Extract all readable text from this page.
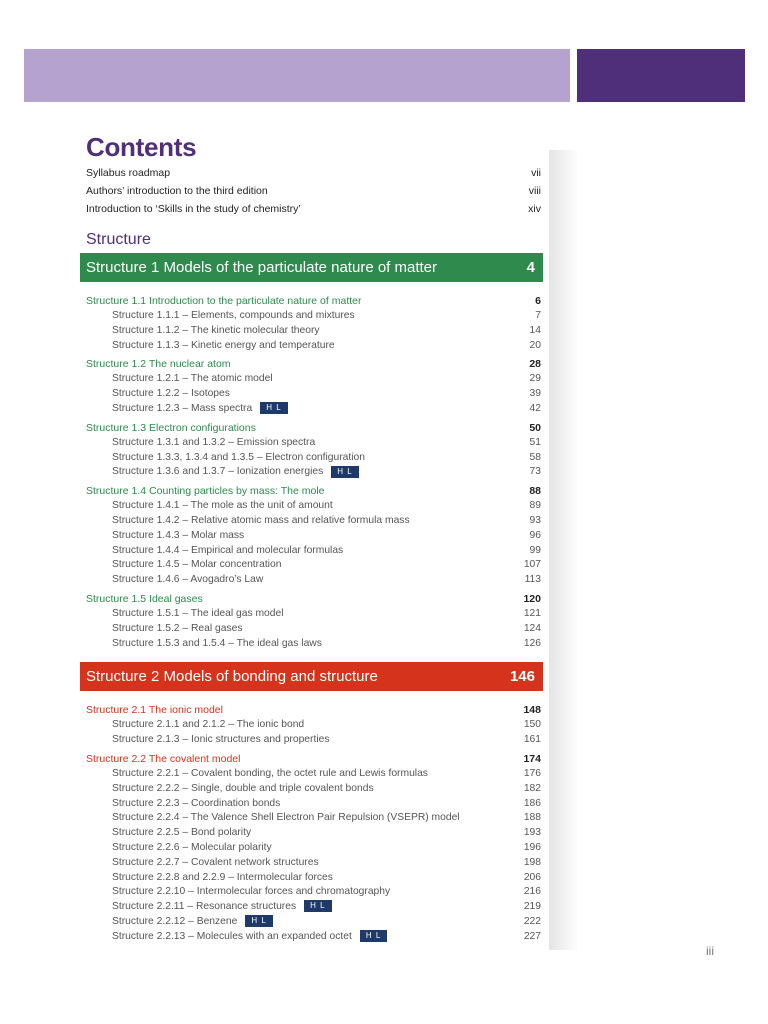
Contents
Syllabus roadmap	vii
Authors’ introduction to the third edition	viii
Introduction to ‘Skills in the study of chemistry’	xiv
Structure
Structure 1 Models of the particulate nature of matter	4
Structure 1.1 Introduction to the particulate nature of matter	6
Structure 1.1.1 – Elements, compounds and mixtures	7
Structure 1.1.2 – The kinetic molecular theory	14
Structure 1.1.3 – Kinetic energy and temperature	20
Structure 1.2 The nuclear atom	28
Structure 1.2.1 – The atomic model	29
Structure 1.2.2 – Isotopes	39
Structure 1.2.3 – Mass spectra H L	42
Structure 1.3 Electron configurations	50
Structure 1.3.1 and 1.3.2 – Emission spectra	51
Structure 1.3.3, 1.3.4 and 1.3.5 – Electron configuration	58
Structure 1.3.6 and 1.3.7 – Ionization energies H L	73
Structure 1.4 Counting particles by mass: The mole	88
Structure 1.4.1 – The mole as the unit of amount	89
Structure 1.4.2 – Relative atomic mass and relative formula mass	93
Structure 1.4.3 – Molar mass	96
Structure 1.4.4 – Empirical and molecular formulas	99
Structure 1.4.5 – Molar concentration	107
Structure 1.4.6 – Avogadro’s Law	113
Structure 1.5 Ideal gases	120
Structure 1.5.1 – The ideal gas model	121
Structure 1.5.2 – Real gases	124
Structure 1.5.3 and 1.5.4 – The ideal gas laws	126
Structure 2 Models of bonding and structure	146
Structure 2.1 The ionic model	148
Structure 2.1.1 and 2.1.2 – The ionic bond	150
Structure 2.1.3 – Ionic structures and properties	161
Structure 2.2 The covalent model	174
Structure 2.2.1 – Covalent bonding, the octet rule and Lewis formulas	176
Structure 2.2.2 – Single, double and triple covalent bonds	182
Structure 2.2.3 – Coordination bonds	186
Structure 2.2.4 – The Valence Shell Electron Pair Repulsion (VSEPR) model	188
Structure 2.2.5 – Bond polarity	193
Structure 2.2.6 – Molecular polarity	196
Structure 2.2.7 – Covalent network structures	198
Structure 2.2.8 and 2.2.9 – Intermolecular forces	206
Structure 2.2.10 – Intermolecular forces and chromatography	216
Structure 2.2.11 – Resonance structures H L	219
Structure 2.2.12 – Benzene H L	222
Structure 2.2.13 – Molecules with an expanded octet H L	227
iii
